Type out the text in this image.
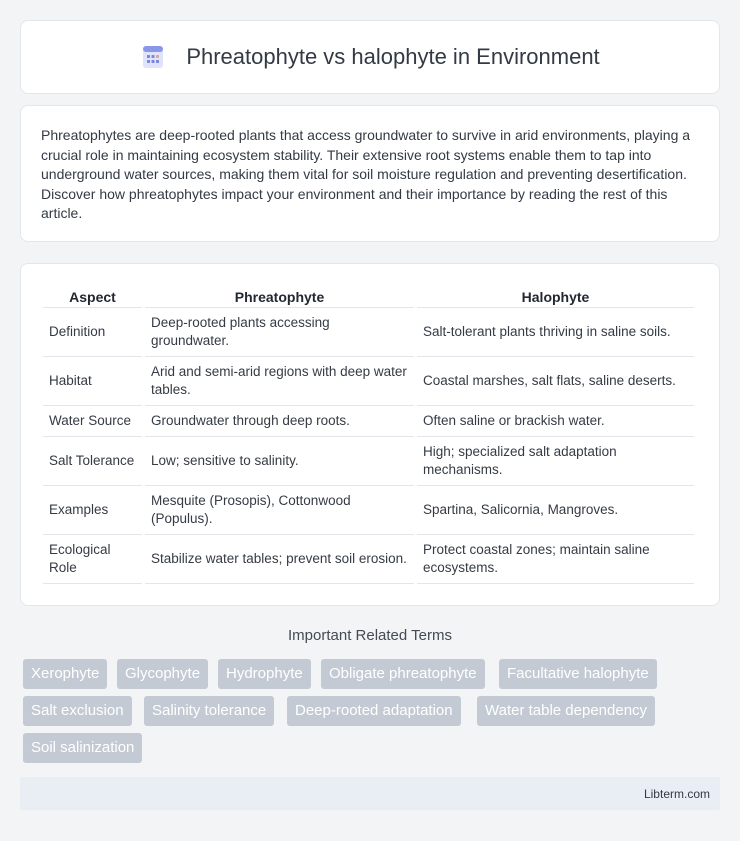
Phreatophyte vs halophyte in Environment

Phreatophytes are deep-rooted plants that access groundwater to survive in arid environments, playing a crucial role in maintaining ecosystem stability. Their extensive root systems enable them to tap into underground water sources, making them vital for soil moisture regulation and preventing desertification. Discover how phreatophytes impact your environment and their importance by reading the rest of this article.

Aspect	Phreatophyte	Halophyte
Definition	Deep-rooted plants accessing groundwater.	Salt-tolerant plants thriving in saline soils.
Habitat	Arid and semi-arid regions with deep water tables.	Coastal marshes, salt flats, saline deserts.
Water Source	Groundwater through deep roots.	Often saline or brackish water.
Salt Tolerance	Low; sensitive to salinity.	High; specialized salt adaptation mechanisms.
Examples	Mesquite (Prosopis), Cottonwood (Populus).	Spartina, Salicornia, Mangroves.
Ecological Role	Stabilize water tables; prevent soil erosion.	Protect coastal zones; maintain saline ecosystems.
Important Related Terms
Xerophyte	Glycophyte	Hydrophyte	Obligate phreatophyte	Facultative halophyte
Salt exclusion	Salinity tolerance	Deep-rooted adaptation	Water table dependency
Soil salinization
Libterm.com
